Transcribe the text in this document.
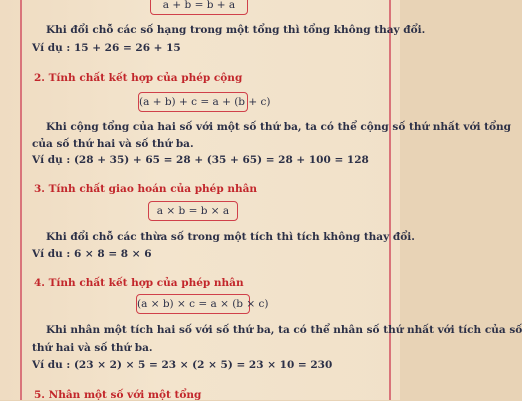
a + b = b + a
Khi đổi chỗ các số hạng trong một tổng thì tổng không thay đổi.
Ví dụ : 15 + 26 = 26 + 15
2. Tính chất kết hợp của phép cộng
(a + b) + c = a + (b + c)
Khi cộng tổng của hai số với một số thứ ba, ta có thể cộng số thứ nhất với tổng
của số thứ hai và số thứ ba.
Ví dụ : (28 + 35) + 65 = 28 + (35 + 65) = 28 + 100 = 128
3. Tính chất giao hoán của phép nhân
a × b = b × a
Khi đổi chỗ các thừa số trong một tích thì tích không thay đổi.
Ví du : 6 × 8 = 8 × 6
4. Tính chất kết hợp của phép nhân
(a × b) × c = a × (b × c)
Khi nhân một tích hai số với số thứ ba, ta có thể nhân số thứ nhất với tích của số
thứ hai và số thứ ba.
Ví du : (23 × 2) × 5 = 23 × (2 × 5) = 23 × 10 = 230
5. Nhân một số với một tổng
